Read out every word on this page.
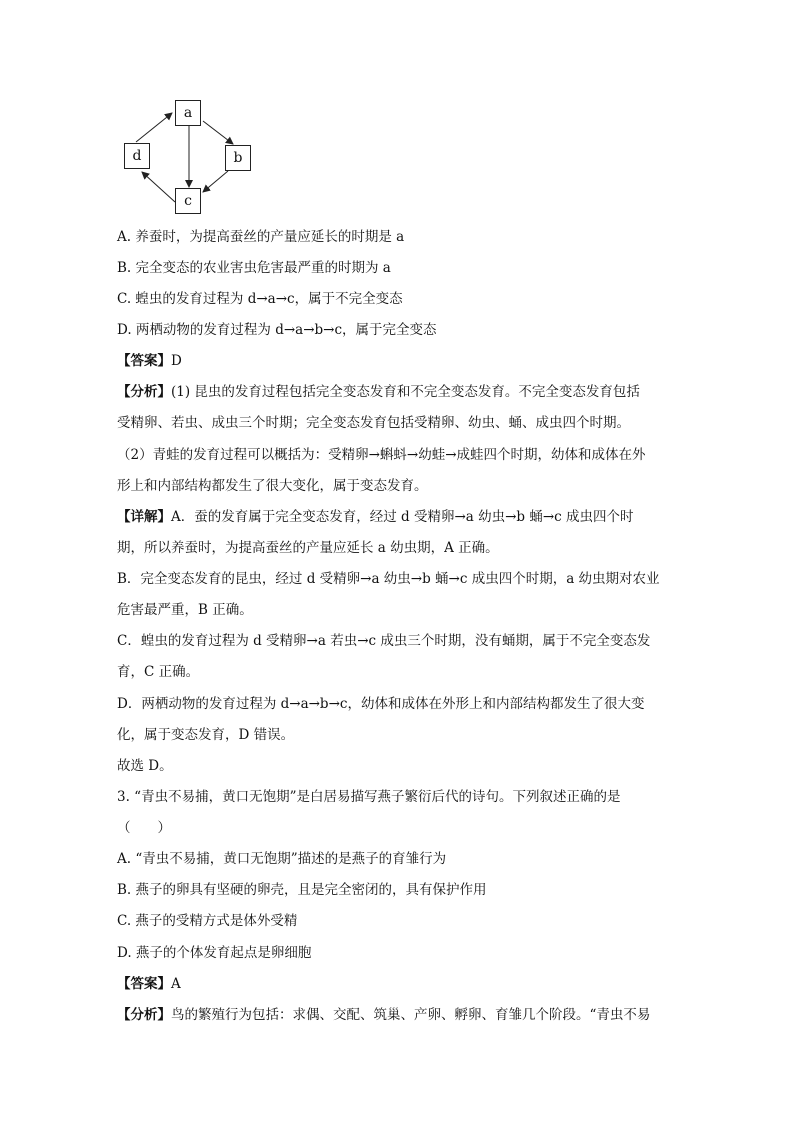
a
b
c
d
A. 养蚕时，为提高蚕丝的产量应延长的时期是 a
B. 完全变态的农业害虫危害最严重的时期为 a
C. 蝗虫的发育过程为 d→a→c，属于不完全变态
D. 两栖动物的发育过程为 d→a→b→c，属于完全变态
【答案】D
【分析】(1) 昆虫的发育过程包括完全变态发育和不完全变态发育。不完全变态发育包括
受精卵、若虫、成虫三个时期；完全变态发育包括受精卵、幼虫、蛹、成虫四个时期。
（2）青蛙的发育过程可以概括为：受精卵→蝌蚪→幼蛙→成蛙四个时期，幼体和成体在外
形上和内部结构都发生了很大变化，属于变态发育。
【详解】A．蚕的发育属于完全变态发育，经过 d 受精卵→a 幼虫→b 蛹→c 成虫四个时
期，所以养蚕时，为提高蚕丝的产量应延长 a 幼虫期，A 正确。
B．完全变态发育的昆虫，经过 d 受精卵→a 幼虫→b 蛹→c 成虫四个时期，a 幼虫期对农业
危害最严重，B 正确。
C．蝗虫的发育过程为 d 受精卵→a 若虫→c 成虫三个时期，没有蛹期，属于不完全变态发
育，C 正确。
D．两栖动物的发育过程为 d→a→b→c，幼体和成体在外形上和内部结构都发生了很大变
化，属于变态发育，D 错误。
故选 D。
3. “青虫不易捕，黄口无饱期”是白居易描写燕子繁衍后代的诗句。下列叙述正确的是
（　　）
A. “青虫不易捕，黄口无饱期”描述的是燕子的育雏行为
B. 燕子的卵具有坚硬的卵壳，且是完全密闭的，具有保护作用
C. 燕子的受精方式是体外受精
D. 燕子的个体发育起点是卵细胞
【答案】A
【分析】鸟的繁殖行为包括：求偶、交配、筑巢、产卵、孵卵、育雏几个阶段。“青虫不易
